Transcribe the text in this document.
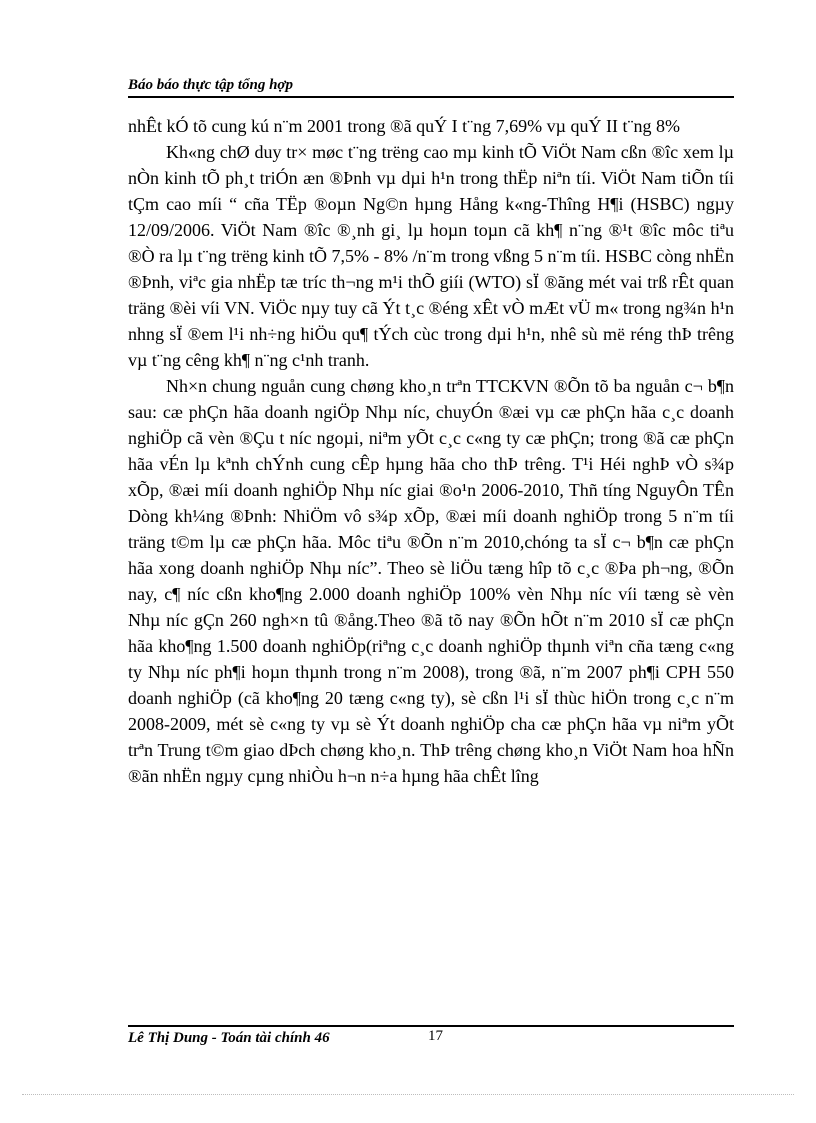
Báo báo thực tập tổng hợp

nhÊt kÓ tõ cung kú n¨m 2001 trong ®ã quÝ I t¨ng 7,69% vµ quÝ II t¨ng 8%

Kh«ng chØ duy tr× møc t¨ng trëng cao mµ kinh tÕ ViÖt Nam cßn ®îc xem lµ nÒn kinh tÕ ph¸t triÓn æn ®Þnh vµ dµi h¹n trong thËp niªn tíi. ViÖt Nam tiÕn tíi tÇm cao míi “ cña TËp ®oµn Ng©n hµng Hång k«ng-Thîng H¶i (HSBC) ngµy 12/09/2006. ViÖt Nam ®îc ®¸nh gi¸ lµ hoµn toµn cã kh¶ n¨ng ®¹t ®îc môc tiªu ®Ò ra lµ t¨ng trëng kinh tÕ 7,5% - 8% /n¨m trong vßng 5 n¨m tíi. HSBC còng nhËn ®Þnh, viªc gia nhËp tæ tríc th¬ng m¹i thÕ giíi (WTO) sÏ ®ãng mét vai trß rÊt quan träng ®èi víi VN. ViÖc nµy tuy cã Ýt t¸c ®éng xÊt vÒ mÆt vÜ m« trong ng¾n h¹n nhng sÏ ®em l¹i nh÷ng hiÖu qu¶ tÝch cùc trong dµi h¹n, nhê sù më réng thÞ trêng vµ t¨ng cêng kh¶ n¨ng c¹nh tranh.

Nh×n chung nguån cung chøng kho¸n trªn TTCKVN ®Õn tõ ba nguån c¬ b¶n sau: cæ phÇn hãa doanh ngiÖp Nhµ níc, chuyÓn ®æi vµ cæ phÇn hãa c¸c doanh nghiÖp cã vèn ®Çu t níc ngoµi, niªm yÕt c¸c c«ng ty cæ phÇn; trong ®ã cæ phÇn hãa vÉn lµ kªnh chÝnh cung cÊp hµng hãa cho thÞ trêng. T¹i Héi nghÞ vÒ s¾p xÕp, ®æi míi doanh nghiÖp Nhµ níc giai ®o¹n 2006-2010, Thñ tíng NguyÔn TÊn Dòng kh¼ng ®Þnh: NhiÖm vô s¾p xÕp, ®æi míi doanh nghiÖp trong 5 n¨m tíi träng t©m lµ cæ phÇn hãa. Môc tiªu ®Õn n¨m 2010,chóng ta sÏ c¬ b¶n cæ phÇn hãa xong doanh nghiÖp Nhµ níc”. Theo sè liÖu tæng hîp tõ c¸c ®Þa ph¬ng, ®Õn nay, c¶ níc cßn kho¶ng 2.000 doanh nghiÖp 100% vèn Nhµ níc víi tæng sè vèn Nhµ níc gÇn 260 ngh×n tû ®ång.Theo ®ã tõ nay ®Õn hÕt n¨m 2010 sÏ cæ phÇn hãa kho¶ng 1.500 doanh nghiÖp(riªng c¸c doanh nghiÖp thµnh viªn cña tæng c«ng ty Nhµ níc ph¶i hoµn thµnh trong n¨m 2008), trong ®ã, n¨m 2007 ph¶i CPH 550 doanh nghiÖp (cã kho¶ng 20 tæng c«ng ty), sè cßn l¹i sÏ thùc hiÖn trong c¸c n¨m 2008-2009, mét sè c«ng ty vµ sè Ýt doanh nghiÖp cha cæ phÇn hãa vµ niªm yÕt trªn Trung t©m giao dÞch chøng kho¸n. ThÞ trêng chøng kho¸n ViÖt Nam hoa hÑn ®ãn nhËn ngµy cµng nhiÒu h¬n n÷a hµng hãa chÊt lîng

Lê Thị Dung - Toán tài chính 46	17
